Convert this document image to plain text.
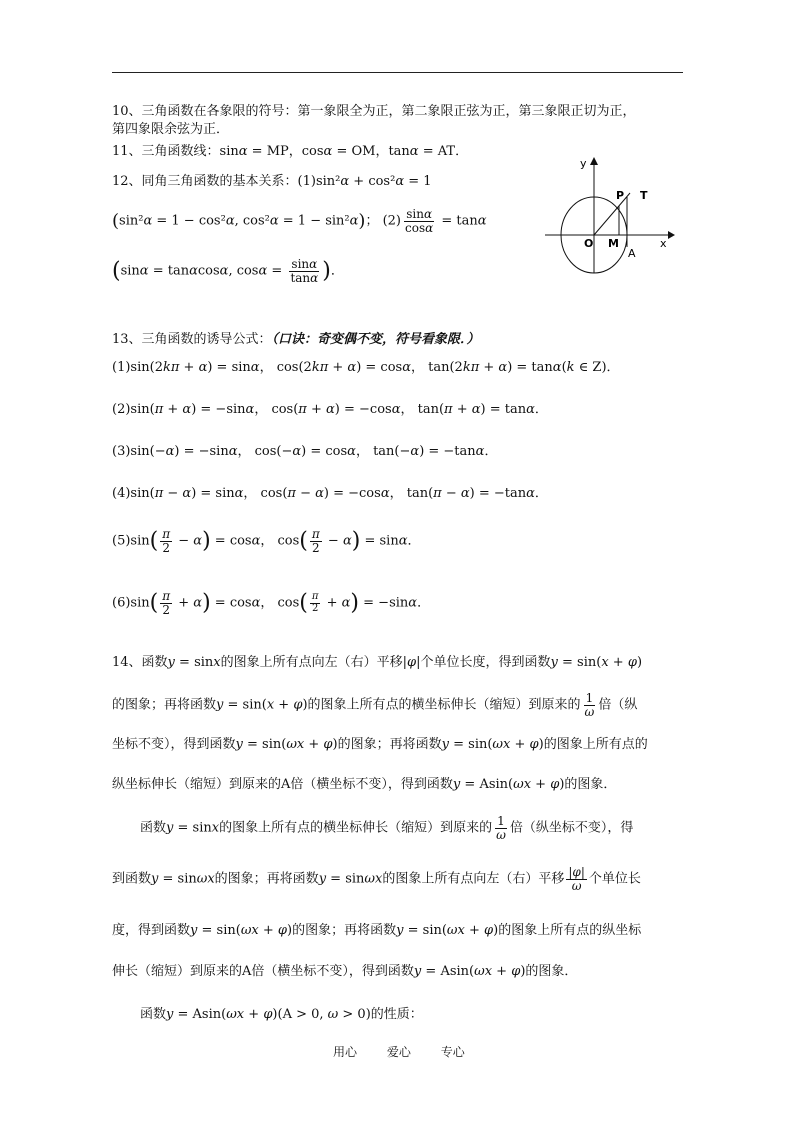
10、三角函数在各象限的符号：第一象限全为正，第二象限正弦为正，第三象限正切为正，
第四象限余弦为正．
11、三角函数线：sinα = MP，cosα = OM，tanα = AT．
12、同角三角函数的基本关系：(1)sin²α + cos²α = 1
(sin²α = 1 − cos²α, cos²α = 1 − sin²α)； $(2) \frac{\sin\alpha}{\cos\alpha} = \tan\alpha$
(sinα = tanαcosα, $\cos\alpha = \frac{\sin\alpha}{\tan\alpha}$ )．
y
x
O M
A
P T
13、三角函数的诱导公式：（口诀：奇变偶不变，符号看象限．）
(1)sin(2kπ + α) = sinα， cos(2kπ + α) = cosα， tan(2kπ + α) = tanα(k ∈ Z)．
(2)sin(π + α) = −sinα， cos(π + α) = −cosα， tan(π + α) = tanα．
(3)sin(−α) = −sinα， cos(−α) = cosα， tan(−α) = −tanα．
(4)sin(π − α) = sinα， cos(π − α) = −cosα， tan(π − α) = −tanα．
$(5)\sin( \frac{\pi}{2} - \alpha) = \cos\alpha$， $\cos( \frac{\pi}{2} - \alpha) = \sin\alpha$．
$(6)\sin( \frac{\pi}{2} + \alpha) = \cos\alpha$， $\cos( \frac{\pi}{2} + \alpha) = -\sin\alpha$．
14、函数y = sinx的图象上所有点向左（右）平移|φ|个单位长度，得到函数y = sin(x + φ)
的图象；再将函数y = sin(x + φ)的图象上所有点的横坐标伸长（缩短）到原来的 $\frac{1}{\omega}$ 倍（纵
坐标不变），得到函数y = sin(ωx + φ)的图象；再将函数y = sin(ωx + φ)的图象上所有点的
纵坐标伸长（缩短）到原来的A倍（横坐标不变），得到函数y = Asin(ωx + φ)的图象．
函数y = sinx的图象上所有点的横坐标伸长（缩短）到原来的 $\frac{1}{\omega}$ 倍（纵坐标不变），得
到函数y = sinωx的图象；再将函数y = sinωx的图象上所有点向左（右）平移 $\frac{|\varphi|}{\omega}$ 个单位长
度，得到函数y = sin(ωx + φ)的图象；再将函数y = sin(ωx + φ)的图象上所有点的纵坐标
伸长（缩短）到原来的A倍（横坐标不变），得到函数y = Asin(ωx + φ)的图象．
函数y = Asin(ωx + φ)(A > 0, ω > 0)的性质：
用心 爱心 专心
